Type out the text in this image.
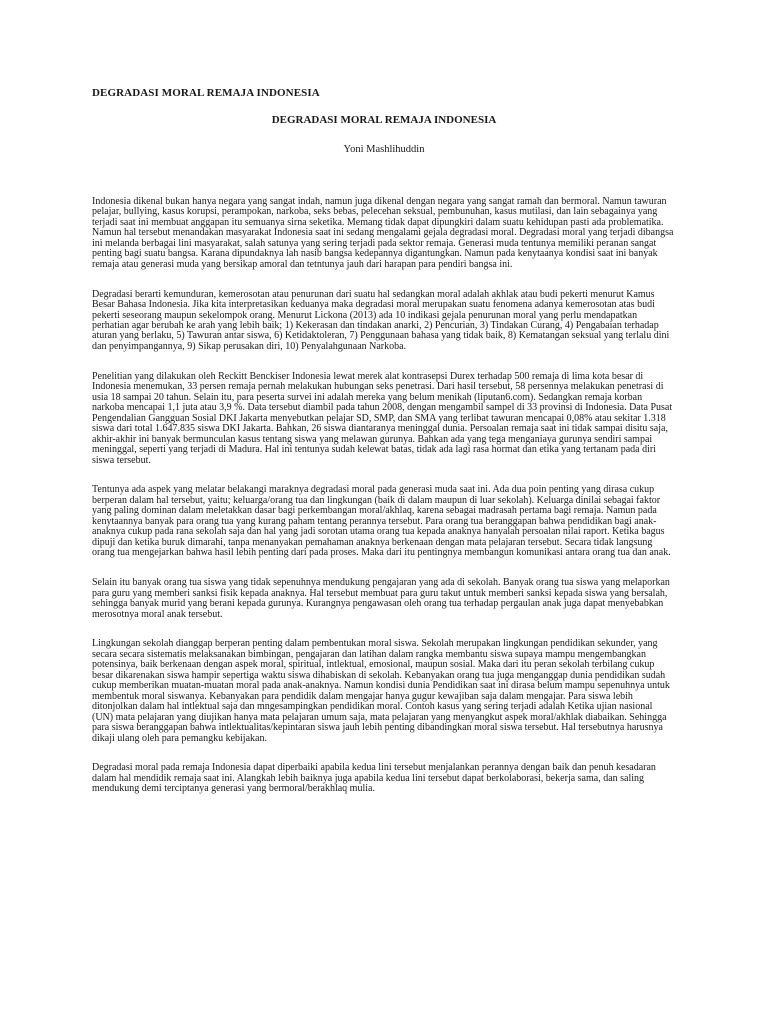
DEGRADASI MORAL REMAJA INDONESIA
DEGRADASI MORAL REMAJA INDONESIA
Yoni Mashlihuddin

Indonesia dikenal bukan hanya negara yang sangat indah, namun juga dikenal dengan negara yang sangat ramah dan bermoral. Namun tawuran pelajar, bullying, kasus korupsi, perampokan, narkoba, seks bebas, pelecehan seksual, pembunuhan, kasus mutilasi, dan lain sebagainya yang terjadi saat ini membuat anggapan itu semuanya sirna seketika. Memang tidak dapat dipungkiri dalam suatu kehidupan pasti ada problematika. Namun hal tersebut menandakan masyarakat Indonesia saat ini sedang mengalami gejala degradasi moral. Degradasi moral yang terjadi dibangsa ini melanda berbagai lini masyarakat, salah satunya yang sering terjadi pada sektor remaja. Generasi muda tentunya memiliki peranan sangat penting bagi suatu bangsa. Karana dipundaknya lah nasib bangsa kedepannya digantungkan. Namun pada kenytaanya kondisi saat ini banyak remaja atau generasi muda yang bersikap amoral dan tetntunya jauh dari harapan para pendiri bangsa ini.

Degradasi berarti kemunduran, kemerosotan atau penurunan dari suatu hal sedangkan moral adalah akhlak atau budi pekerti menurut Kamus Besar Bahasa Indonesia. Jika kita interpretasikan keduanya maka degradasi moral merupakan suatu fenomena adanya kemerosotan atas budi pekerti seseorang maupun sekelompok orang. Menurut Lickona (2013) ada 10 indikasi gejala penurunan moral yang perlu mendapatkan perhatian agar berubah ke arah yang lebih baik; 1) Kekerasan dan tindakan anarki, 2) Pencurian, 3) Tindakan Curang, 4) Pengabaian terhadap aturan yang berlaku, 5) Tawuran antar siswa, 6) Ketidaktoleran, 7) Penggunaan bahasa yang tidak baik, 8) Kematangan seksual yang terlalu dini dan penyimpangannya, 9) Sikap perusakan diri, 10) Penyalahgunaan Narkoba.

Penelitian yang dilakukan oleh Reckitt Benckiser Indonesia lewat merek alat kontrasepsi Durex terhadap 500 remaja di lima kota besar di Indonesia menemukan, 33 persen remaja pernah melakukan hubungan seks penetrasi. Dari hasil tersebut, 58 persennya melakukan penetrasi di usia 18 sampai 20 tahun. Selain itu, para peserta survei ini adalah mereka yang belum menikah (liputan6.com). Sedangkan remaja korban narkoba mencapai 1,1 juta atau 3,9 %. Data tersebut diambil pada tahun 2008, dengan mengambil sampel di 33 provinsi di Indonesia. Data Pusat Pengendalian Gangguan Sosial DKI Jakarta menyebutkan pelajar SD, SMP, dan SMA yang terlibat tawuran mencapai 0,08% atau sekitar 1.318 siswa dari total 1.647.835 siswa DKI Jakarta. Bahkan, 26 siswa diantaranya meninggal dunia. Persoalan remaja saat ini tidak sampai disitu saja, akhir-akhir ini banyak bermunculan kasus tentang siswa yang melawan gurunya. Bahkan ada yang tega menganiaya gurunya sendiri sampai meninggal, seperti yang terjadi di Madura. Hal ini tentunya sudah kelewat batas, tidak ada lagi rasa hormat dan etika yang tertanam pada diri siswa tersebut.

Tentunya ada aspek yang melatar belakangi maraknya degradasi moral pada generasi muda saat ini. Ada dua poin penting yang dirasa cukup berperan dalam hal tersebut, yaitu; keluarga/orang tua dan lingkungan (baik di dalam maupun di luar sekolah). Keluarga dinilai sebagai faktor yang paling dominan dalam meletakkan dasar bagi perkembangan moral/akhlaq, karena sebagai madrasah pertama bagi remaja. Namun pada kenytaannya banyak para orang tua yang kurang paham tentang perannya tersebut. Para orang tua beranggapan bahwa pendidikan bagi anak-anaknya cukup pada rana sekolah saja dan hal yang jadi sorotan utama orang tua kepada anaknya hanyalah persoalan nilai raport. Ketika bagus dipuji dan ketika buruk dimarahi, tanpa menanyakan pemahaman anaknya berkenaan dengan mata pelajaran tersebut. Secara tidak langsung orang tua mengejarkan bahwa hasil lebih penting dari pada proses. Maka dari itu pentingnya membangun komunikasi antara orang tua dan anak.

Selain itu banyak orang tua siswa yang tidak sepenuhnya mendukung pengajaran yang ada di sekolah. Banyak orang tua siswa yang melaporkan para guru yang memberi sanksi fisik kepada anaknya. Hal tersebut membuat para guru takut untuk memberi sanksi kepada siswa yang bersalah, sehingga banyak murid yang berani kepada gurunya. Kurangnya pengawasan oleh orang tua terhadap pergaulan anak juga dapat menyebabkan merosotnya moral anak tersebut.

Lingkungan sekolah dianggap berperan penting dalam pembentukan moral siswa. Sekolah merupakan lingkungan pendidikan sekunder, yang secara secara sistematis melaksanakan bimbingan, pengajaran dan latihan dalam rangka membantu siswa supaya mampu mengembangkan potensinya, baik berkenaan dengan aspek moral, spiritual, intlektual, emosional, maupun sosial. Maka dari itu peran sekolah terbilang cukup besar dikarenakan siswa hampir sepertiga waktu siswa dihabiskan di sekolah. Kebanyakan orang tua juga menganggap dunia pendidikan sudah cukup memberikan muatan-muatan moral pada anak-anaknya. Namun kondisi dunia Pendidikan saat ini dirasa belum mampu sepenuhnya untuk membentuk moral siswanya. Kebanyakan para pendidik dalam mengajar hanya gugur kewajiban saja dalam mengajar. Para siswa lebih ditonjolkan dalam hal intlektual saja dan mngesampingkan pendidikan moral. Contoh kasus yang sering terjadi adalah Ketika ujian nasional (UN) mata pelajaran yang diujikan hanya mata pelajaran umum saja, mata pelajaran yang menyangkut aspek moral/akhlak diabaikan. Sehingga para siswa beranggapan bahwa intlektualitas/kepintaran siswa jauh lebih penting dibandingkan moral siswa tersebut. Hal tersebutnya harusnya dikaji ulang oleh para pemangku kebijakan.

Degradasi moral pada remaja Indonesia dapat diperbaiki apabila kedua lini tersebut menjalankan perannya dengan baik dan penuh kesadaran dalam hal mendidik remaja saat ini. Alangkah lebih baiknya juga apabila kedua lini tersebut dapat berkolaborasi, bekerja sama, dan saling mendukung demi terciptanya generasi yang bermoral/berakhlaq mulia.
